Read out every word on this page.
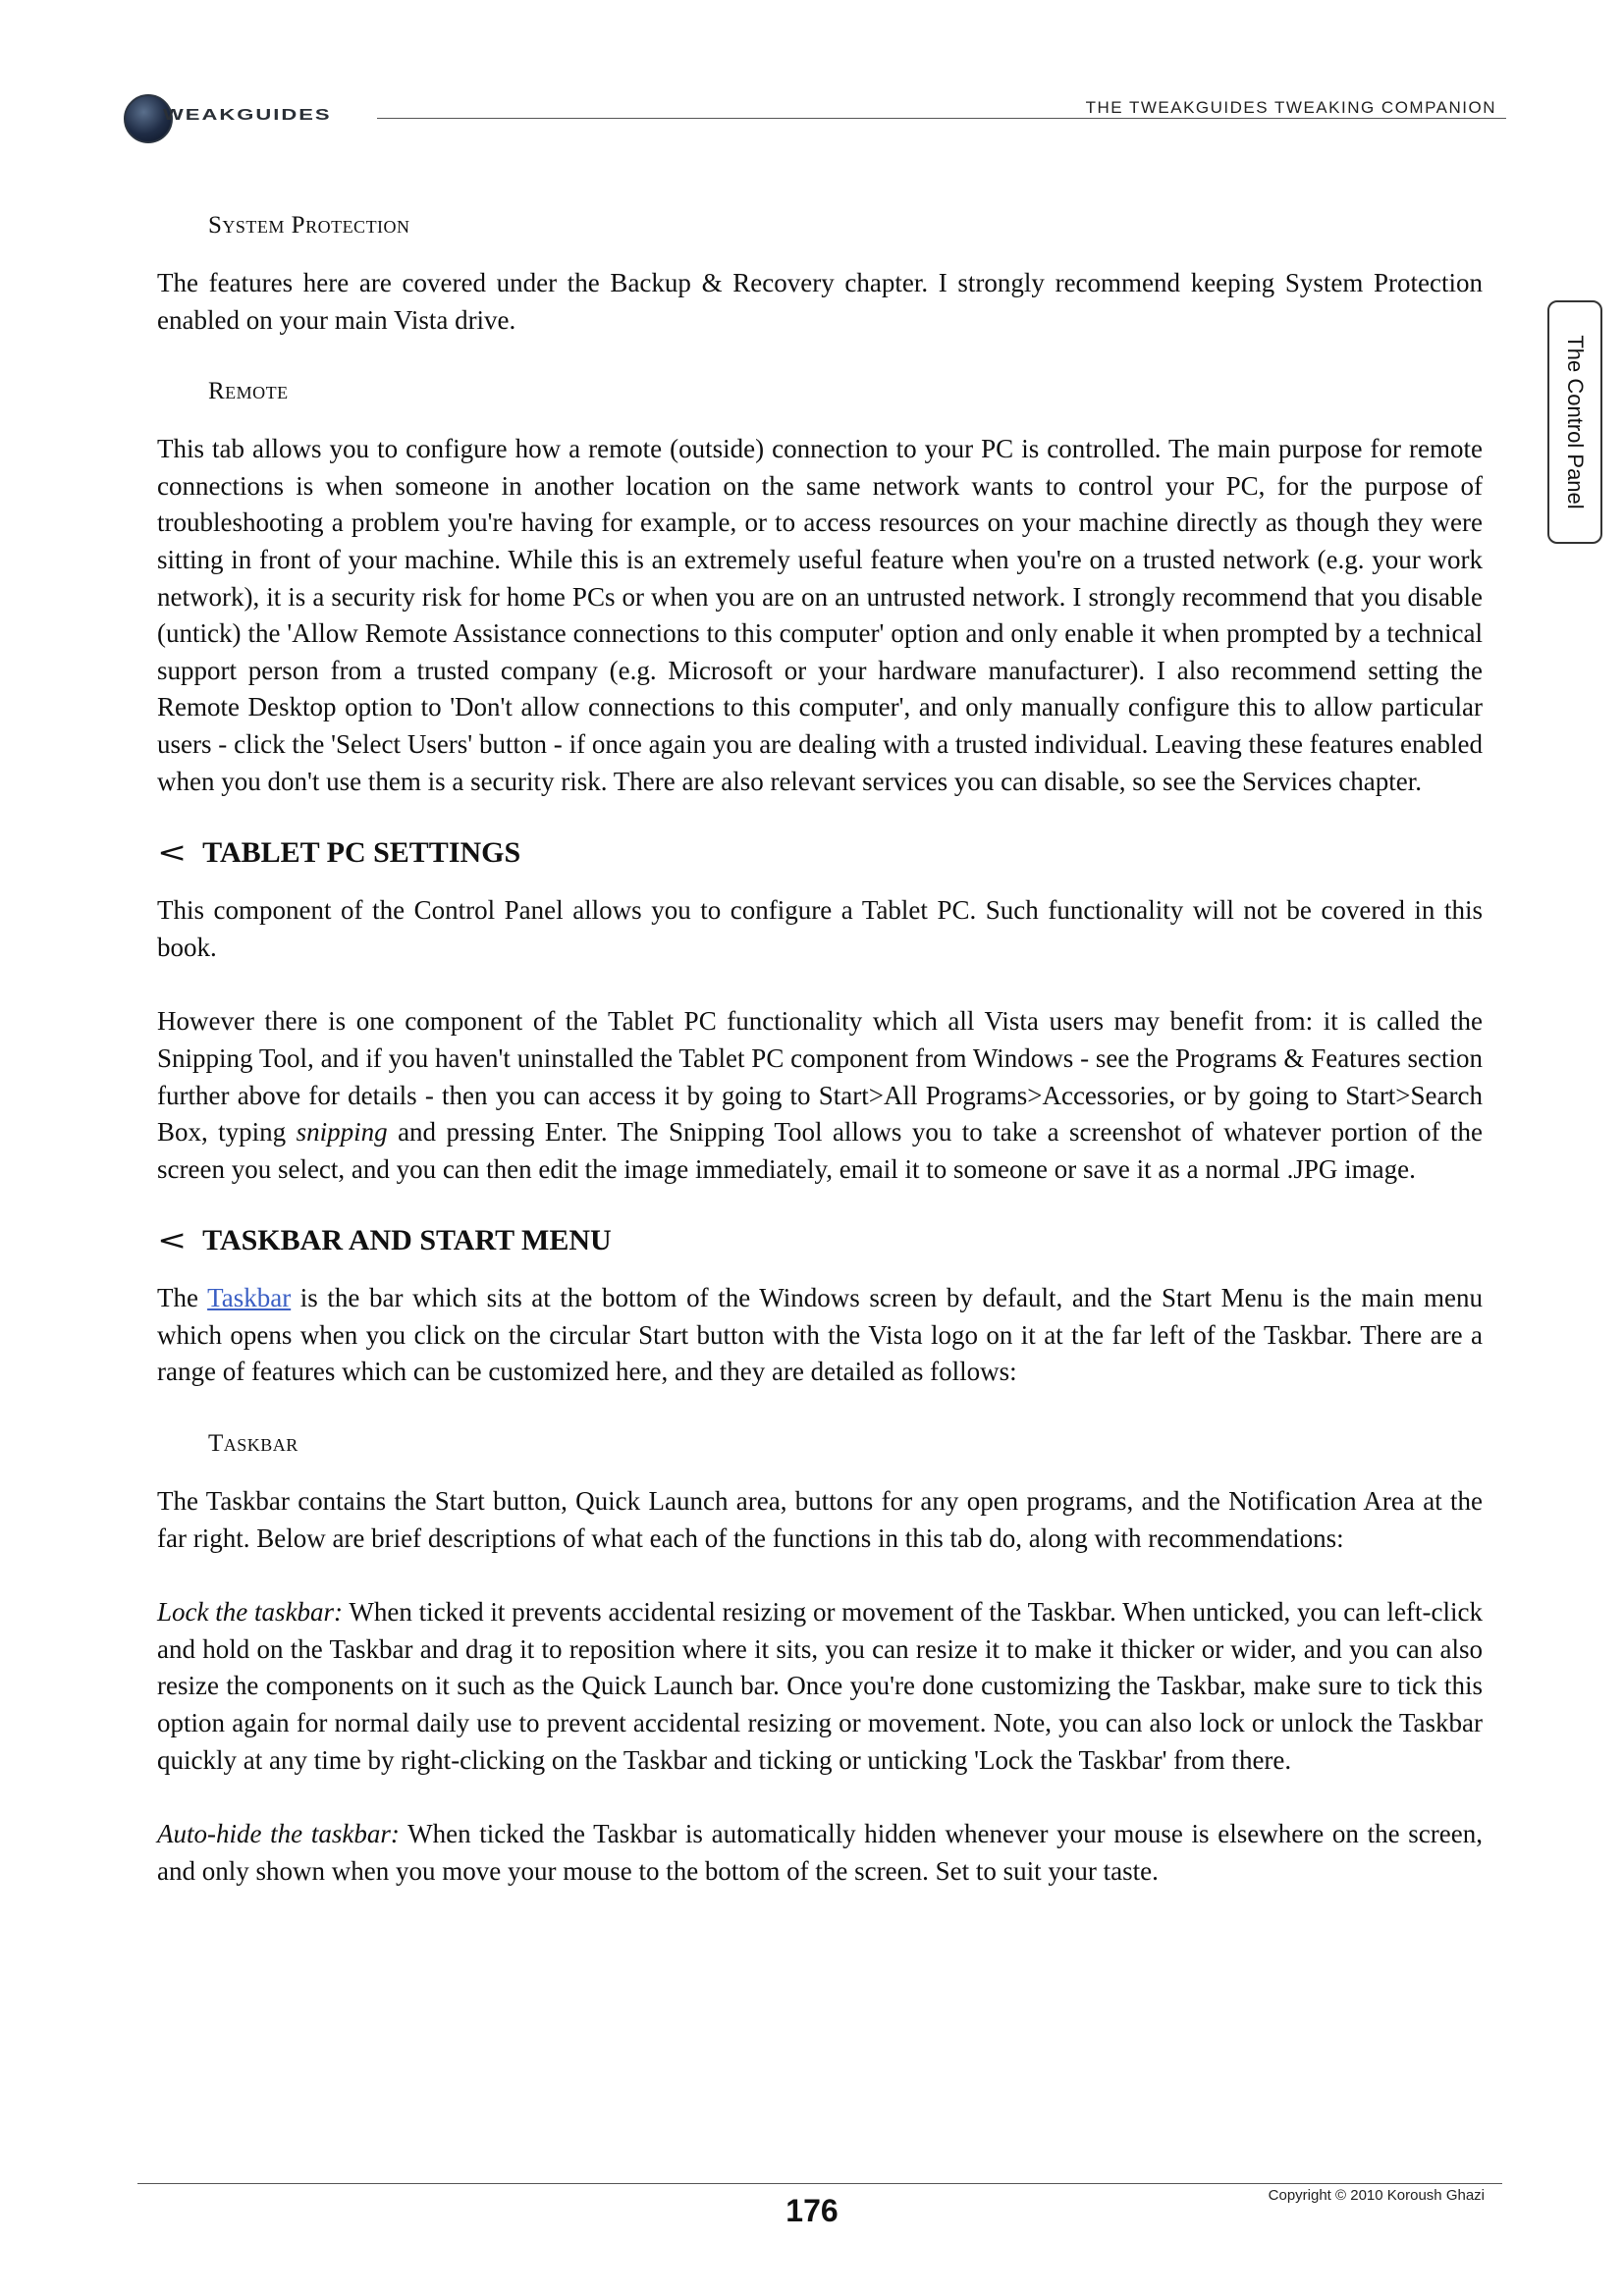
WEAKGUIDES	THE TWEAKGUIDES TWEAKING COMPANION
The Control Panel
System Protection

The features here are covered under the Backup & Recovery chapter. I strongly recommend keeping System Protection enabled on your main Vista drive.

Remote

This tab allows you to configure how a remote (outside) connection to your PC is controlled. The main purpose for remote connections is when someone in another location on the same network wants to control your PC, for the purpose of troubleshooting a problem you're having for example, or to access resources on your machine directly as though they were sitting in front of your machine. While this is an extremely useful feature when you're on a trusted network (e.g. your work network), it is a security risk for home PCs or when you are on an untrusted network. I strongly recommend that you disable (untick) the 'Allow Remote Assistance connections to this computer' option and only enable it when prompted by a technical support person from a trusted company (e.g. Microsoft or your hardware manufacturer). I also recommend setting the Remote Desktop option to 'Don't allow connections to this computer', and only manually configure this to allow particular users - click the 'Select Users' button - if once again you are dealing with a trusted individual. Leaving these features enabled when you don't use them is a security risk. There are also relevant services you can disable, so see the Services chapter.

< TABLET PC SETTINGS

This component of the Control Panel allows you to configure a Tablet PC. Such functionality will not be covered in this book.

However there is one component of the Tablet PC functionality which all Vista users may benefit from: it is called the Snipping Tool, and if you haven't uninstalled the Tablet PC component from Windows - see the Programs & Features section further above for details - then you can access it by going to Start>All Programs>Accessories, or by going to Start>Search Box, typing snipping and pressing Enter. The Snipping Tool allows you to take a screenshot of whatever portion of the screen you select, and you can then edit the image immediately, email it to someone or save it as a normal .JPG image.

< TASKBAR AND START MENU

The Taskbar is the bar which sits at the bottom of the Windows screen by default, and the Start Menu is the main menu which opens when you click on the circular Start button with the Vista logo on it at the far left of the Taskbar. There are a range of features which can be customized here, and they are detailed as follows:

Taskbar

The Taskbar contains the Start button, Quick Launch area, buttons for any open programs, and the Notification Area at the far right. Below are brief descriptions of what each of the functions in this tab do, along with recommendations:

Lock the taskbar: When ticked it prevents accidental resizing or movement of the Taskbar. When unticked, you can left-click and hold on the Taskbar and drag it to reposition where it sits, you can resize it to make it thicker or wider, and you can also resize the components on it such as the Quick Launch bar. Once you're done customizing the Taskbar, make sure to tick this option again for normal daily use to prevent accidental resizing or movement. Note, you can also lock or unlock the Taskbar quickly at any time by right-clicking on the Taskbar and ticking or unticking 'Lock the Taskbar' from there.

Auto-hide the taskbar: When ticked the Taskbar is automatically hidden whenever your mouse is elsewhere on the screen, and only shown when you move your mouse to the bottom of the screen. Set to suit your taste.

Copyright © 2010 Koroush Ghazi
176
